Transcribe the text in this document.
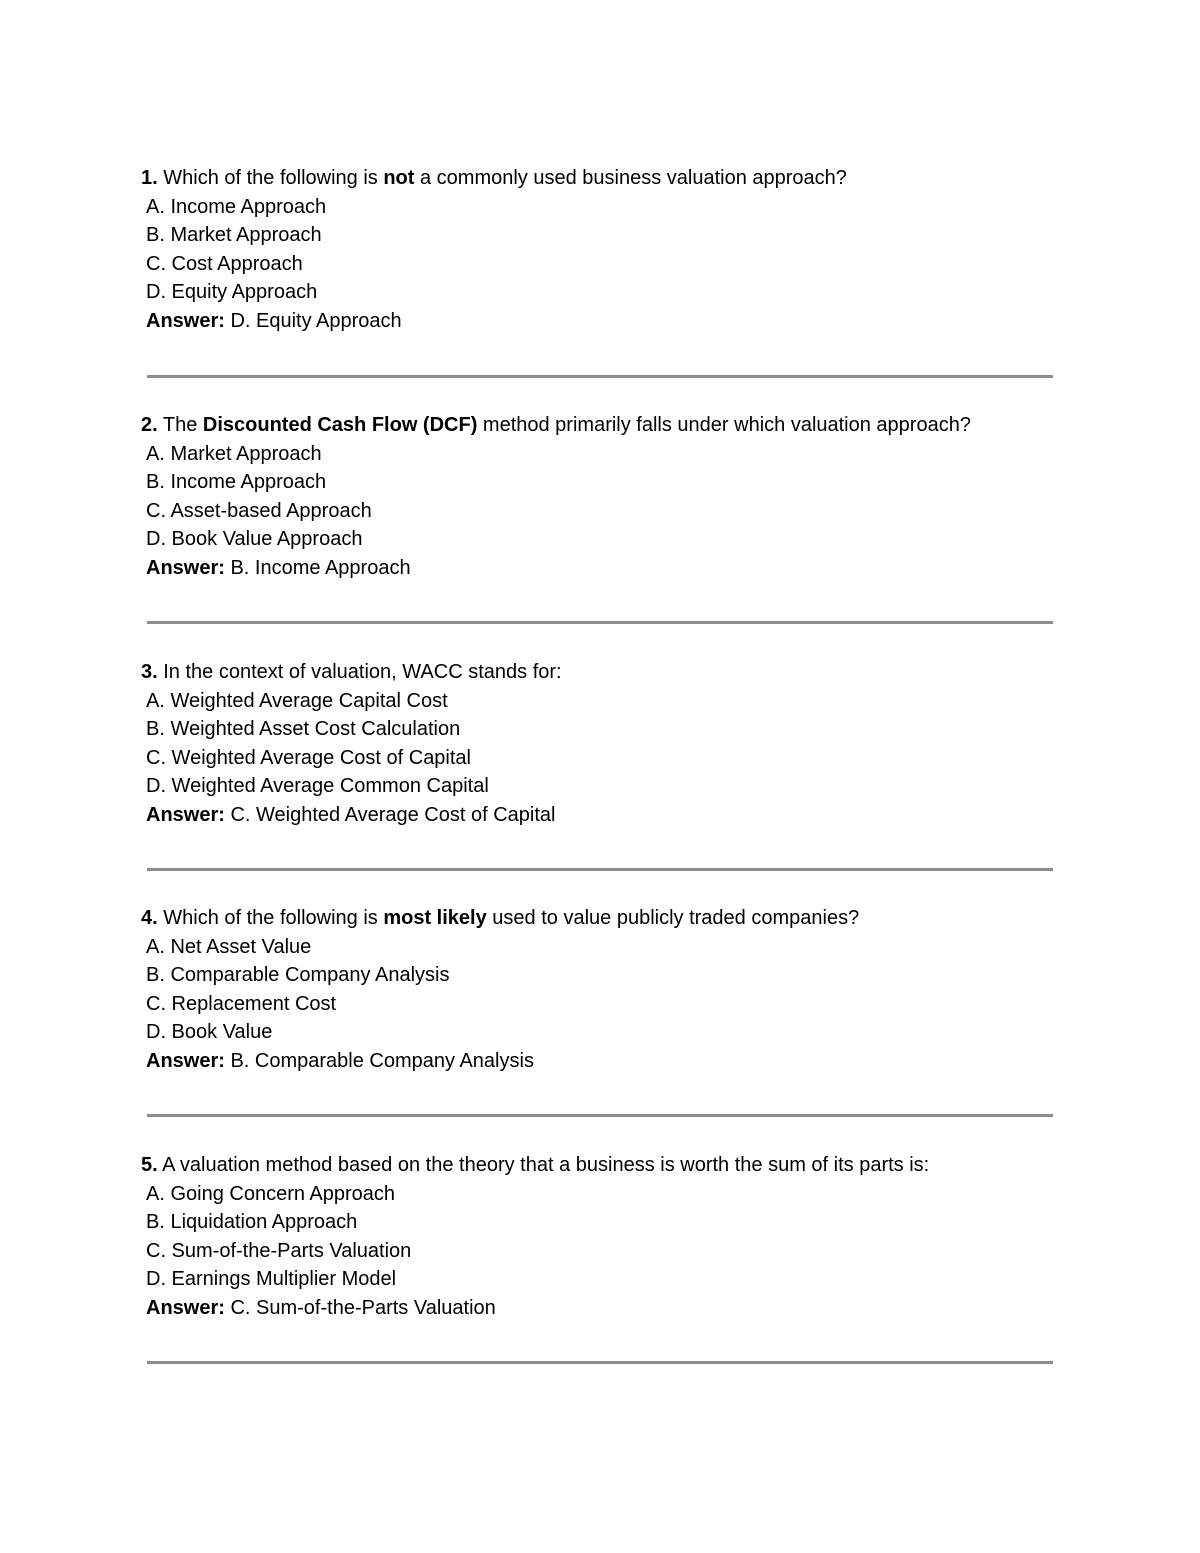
1. Which of the following is not a commonly used business valuation approach?
A. Income Approach
B. Market Approach
C. Cost Approach
D. Equity Approach
Answer: D. Equity Approach
2. The Discounted Cash Flow (DCF) method primarily falls under which valuation approach?
A. Market Approach
B. Income Approach
C. Asset-based Approach
D. Book Value Approach
Answer: B. Income Approach
3. In the context of valuation, WACC stands for:
A. Weighted Average Capital Cost
B. Weighted Asset Cost Calculation
C. Weighted Average Cost of Capital
D. Weighted Average Common Capital
Answer: C. Weighted Average Cost of Capital
4. Which of the following is most likely used to value publicly traded companies?
A. Net Asset Value
B. Comparable Company Analysis
C. Replacement Cost
D. Book Value
Answer: B. Comparable Company Analysis
5. A valuation method based on the theory that a business is worth the sum of its parts is:
A. Going Concern Approach
B. Liquidation Approach
C. Sum-of-the-Parts Valuation
D. Earnings Multiplier Model
Answer: C. Sum-of-the-Parts Valuation
